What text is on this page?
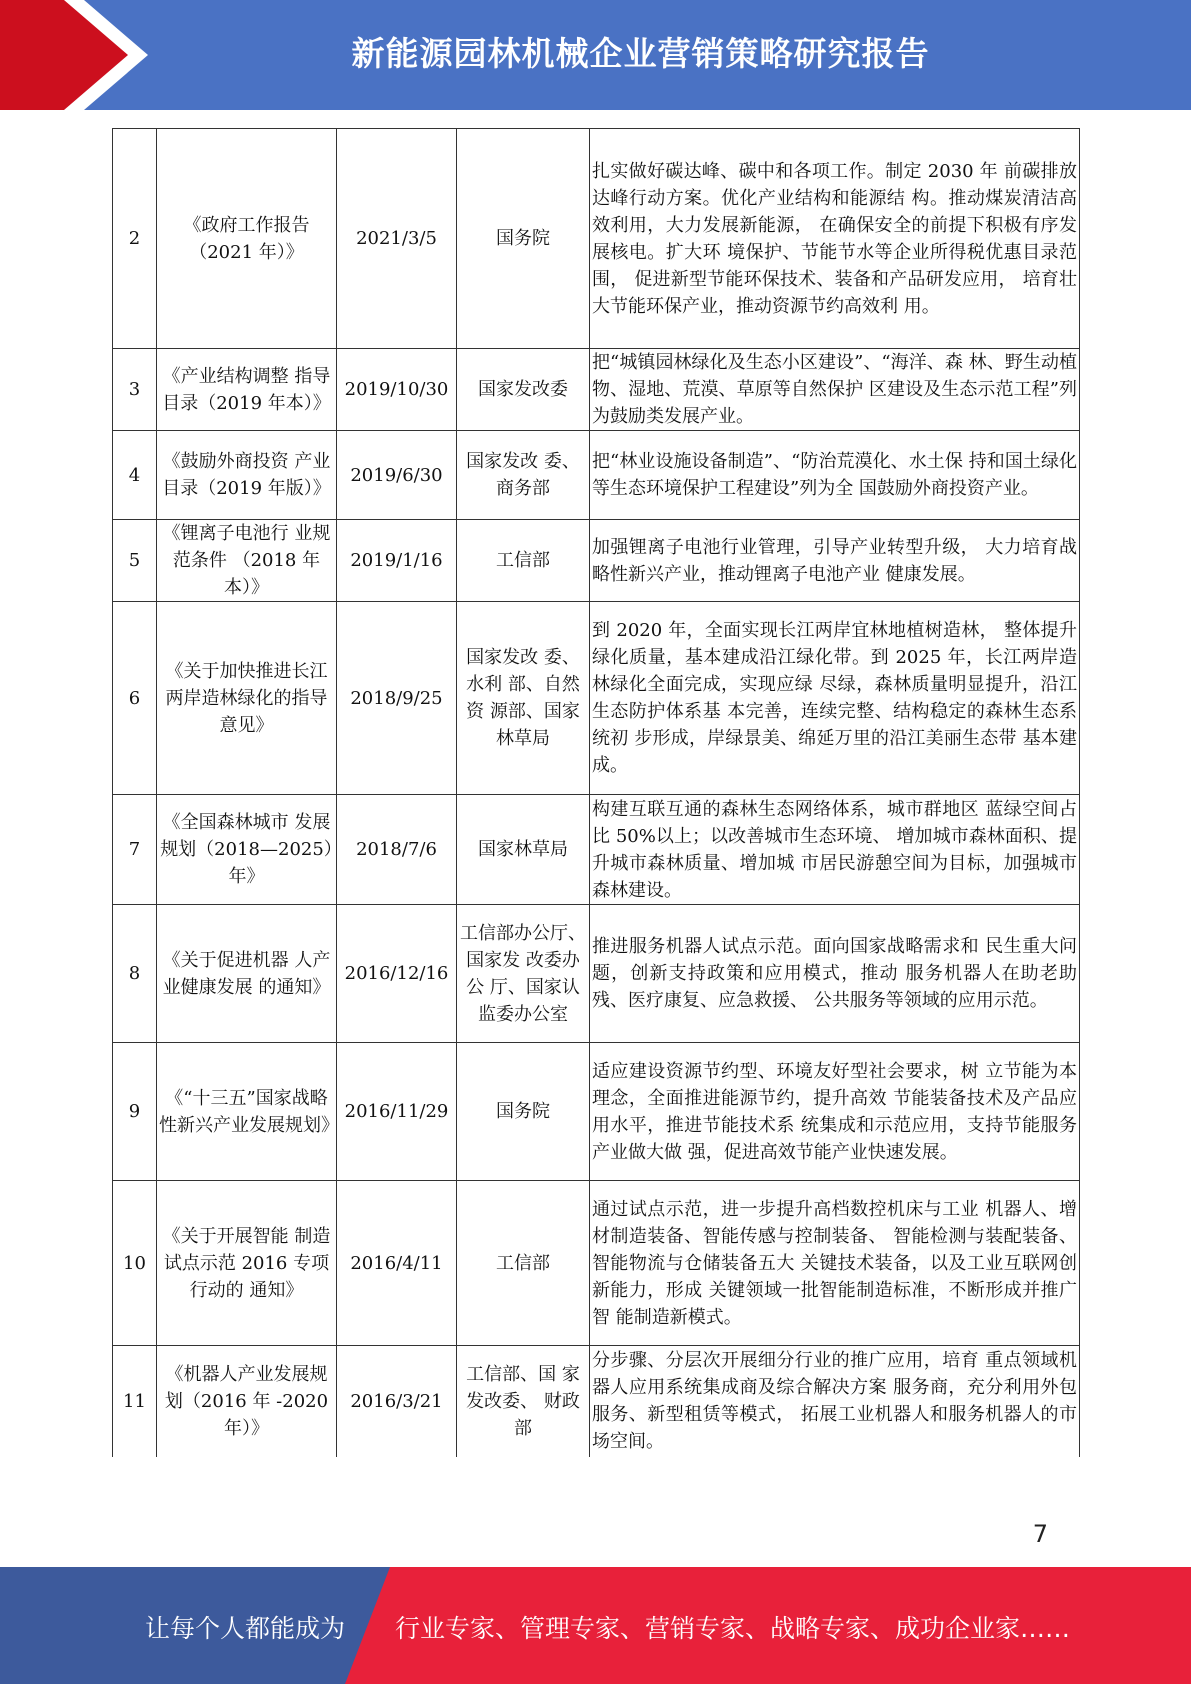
新能源园林机械企业营销策略研究报告
2	《政府工作报告（2021 年）》	2021/3/5	国务院	扎实做好碳达峰、碳中和各项工作。制定 2030 年 前碳排放达峰行动方案。优化产业结构和能源结 构。推动煤炭清洁高效利用，大力发展新能源， 在确保安全的前提下积极有序发展核电。扩大环 境保护、节能节水等企业所得税优惠目录范围， 促进新型节能环保技术、装备和产品研发应用， 培育壮大节能环保产业，推动资源节约高效利 用。
3	《产业结构调整 指导目录（2019 年本）》	2019/10/30	国家发改委	把“城镇园林绿化及生态小区建设”、“海洋、森 林、野生动植物、湿地、荒漠、草原等自然保护 区建设及生态示范工程”列为鼓励类发展产业。
4	《鼓励外商投资 产业目录（2019 年版）》	2019/6/30	国家发改 委、商务部	把“林业设施设备制造”、“防治荒漠化、水土保 持和国土绿化等生态环境保护工程建设”列为全 国鼓励外商投资产业。
5	《锂离子电池行 业规范条件 （2018 年本）》	2019/1/16	工信部	加强锂离子电池行业管理，引导产业转型升级， 大力培育战略性新兴产业，推动锂离子电池产业 健康发展。
6	《关于加快推进长江两岸造林绿化的指导意见》	2018/9/25	国家发改 委、水利 部、自然资 源部、国家林草局	到 2020 年，全面实现长江两岸宜林地植树造林， 整体提升绿化质量，基本建成沿江绿化带。到 2025 年，长江两岸造林绿化全面完成，实现应绿 尽绿，森林质量明显提升，沿江生态防护体系基 本完善，连续完整、结构稳定的森林生态系统初 步形成，岸绿景美、绵延万里的沿江美丽生态带 基本建成。
7	《全国森林城市 发展规划（2018—2025）年》	2018/7/6	国家林草局	构建互联互通的森林生态网络体系，城市群地区 蓝绿空间占比 50%以上；以改善城市生态环境、 增加城市森林面积、提升城市森林质量、增加城 市居民游憩空间为目标，加强城市森林建设。
8	《关于促进机器 人产业健康发展 的通知》	2016/12/16	工信部办公厅、国家发 改委办公 厅、国家认 监委办公室	推进服务机器人试点示范。面向国家战略需求和 民生重大问题，创新支持政策和应用模式，推动 服务机器人在助老助残、医疗康复、应急救援、 公共服务等领域的应用示范。
9	《“十三五”国家战略性新兴产业发展规划》	2016/11/29	国务院	适应建设资源节约型、环境友好型社会要求，树 立节能为本理念，全面推进能源节约，提升高效 节能装备技术及产品应用水平，推进节能技术系 统集成和示范应用，支持节能服务产业做大做 强，促进高效节能产业快速发展。
10	《关于开展智能 制造试点示范 2016 专项行动的 通知》	2016/4/11	工信部	通过试点示范，进一步提升高档数控机床与工业 机器人、增材制造装备、智能传感与控制装备、 智能检测与装配装备、智能物流与仓储装备五大 关键技术装备，以及工业互联网创新能力，形成 关键领域一批智能制造标准，不断形成并推广智 能制造新模式。
11	《机器人产业发展规划（2016 年 -2020 年）》	2016/3/21	工信部、国 家发改委、 财政部	分步骤、分层次开展细分行业的推广应用，培育 重点领域机器人应用系统集成商及综合解决方案 服务商，充分利用外包服务、新型租赁等模式， 拓展工业机器人和服务机器人的市场空间。
7
让每个人都能成为	行业专家、管理专家、营销专家、战略专家、成功企业家……
